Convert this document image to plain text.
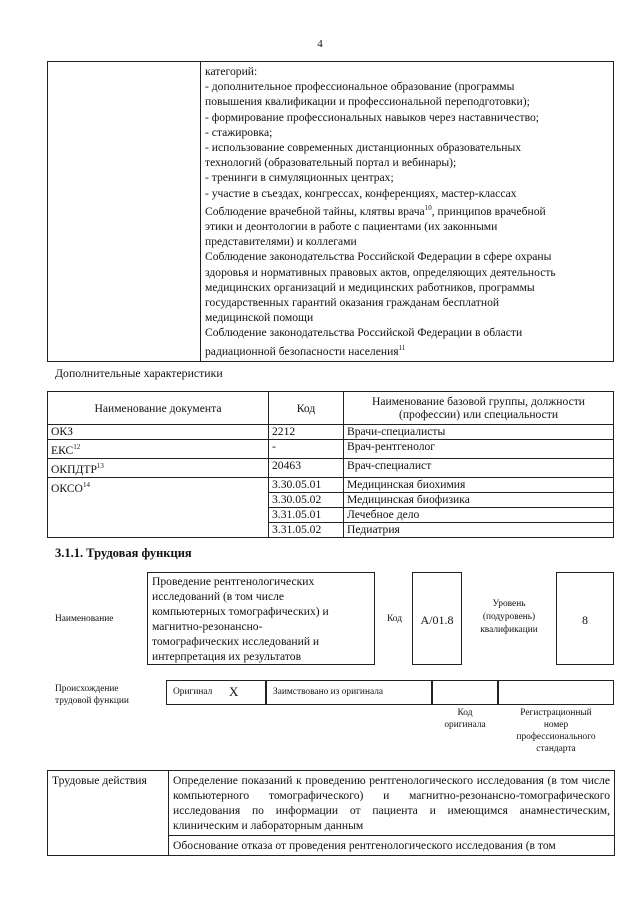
4

категорий:
- дополнительное профессиональное образование (программы
повышения квалификации и профессиональной переподготовки);
- формирование профессиональных навыков через наставничество;
- стажировка;
- использование современных дистанционных образовательных
технологий (образовательный портал и вебинары);
- тренинги в симуляционных центрах;
- участие в съездах, конгрессах, конференциях, мастер-классах
Соблюдение врачебной тайны, клятвы врача$^{10}$, принципов врачебной
этики и деонтологии в работе с пациентами (их законными
представителями) и коллегами
Соблюдение законодательства Российской Федерации в сфере охраны
здоровья и нормативных правовых актов, определяющих деятельность
медицинских организаций и медицинских работников, программы
государственных гарантий оказания гражданам бесплатной
медицинской помощи
Соблюдение законодательства Российской Федерации в области
радиационной безопасности населения$^{11}$
Дополнительные характеристики
Наименование документа	Код	Наименование базовой группы, должности (профессии) или специальности
ОКЗ	2212	Врачи-специалисты
ЕКС$^{12}$	-	Врач-рентгенолог
ОКПДТР$^{13}$	20463	Врач-специалист
ОКСО$^{14}$	3.30.05.01	Медицинская биохимия
	3.30.05.02	Медицинская биофизика
	3.31.05.01	Лечебное дело
	3.31.05.02	Педиатрия
3.1.1. Трудовая функция
Наименование
Проведение рентгенологических
исследований (в том числе
компьютерных томографических) и
магнитно-резонансно-
томографических исследований и
интерпретация их результатов
Код	A/01.8
Уровень
(подуровень)
квалификации
8
Происхождение
трудовой функции
Оригинал X	Заимствовано из оригинала
Код
оригинала
Регистрационный
номер
профессионального
стандарта
Трудовые действия	Определение показаний к проведению рентгенологического исследования (в том числе компьютерного томографического) и магнитно-резонансно-томографического исследования по информации от пациента и имеющимся анамнестическим, клиническим и лабораторным данным
Обоснование отказа от проведения рентгенологического исследования (в том
